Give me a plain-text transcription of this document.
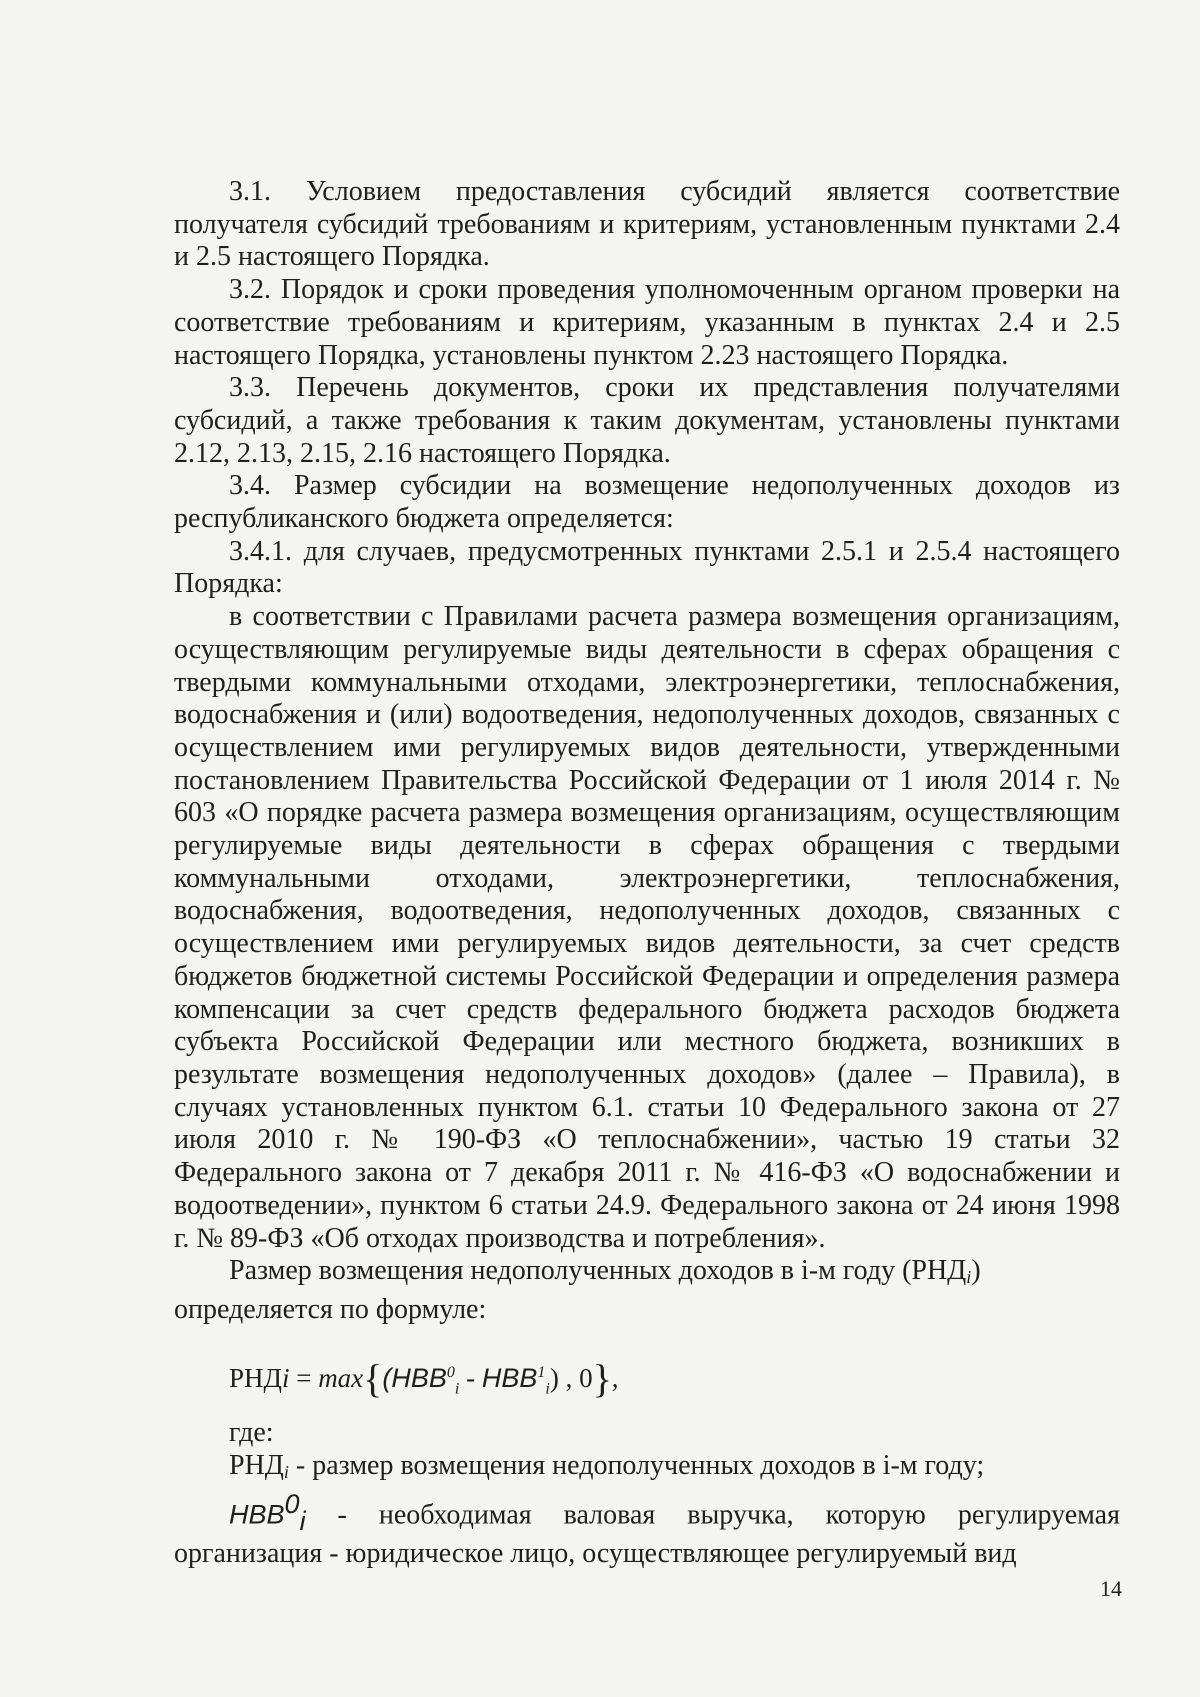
3.1. Условием предоставления субсидий является соответствие получателя субсидий требованиям и критериям, установленным пунктами 2.4 и 2.5 настоящего Порядка.

3.2. Порядок и сроки проведения уполномоченным органом проверки на соответствие требованиям и критериям, указанным в пунктах 2.4 и 2.5 настоящего Порядка, установлены пунктом 2.23 настоящего Порядка.

3.3. Перечень документов, сроки их представления получателями субсидий, а также требования к таким документам, установлены пунктами 2.12, 2.13, 2.15, 2.16 настоящего Порядка.

3.4. Размер субсидии на возмещение недополученных доходов из республиканского бюджета определяется:

3.4.1. для случаев, предусмотренных пунктами 2.5.1 и 2.5.4 настоящего Порядка:

в соответствии с Правилами расчета размера возмещения организациям, осуществляющим регулируемые виды деятельности в сферах обращения с твердыми коммунальными отходами, электроэнергетики, теплоснабжения, водоснабжения и (или) водоотведения, недополученных доходов, связанных с осуществлением ими регулируемых видов деятельности, утвержденными постановлением Правительства Российской Федерации от 1 июля 2014 г. № 603 «О порядке расчета размера возмещения организациям, осуществляющим регулируемые виды деятельности в сферах обращения с твердыми коммунальными отходами, электроэнергетики, теплоснабжения, водоснабжения, водоотведения, недополученных доходов, связанных с осуществлением ими регулируемых видов деятельности, за счет средств бюджетов бюджетной системы Российской Федерации и определения размера компенсации за счет средств федерального бюджета расходов бюджета субъекта Российской Федерации или местного бюджета, возникших в результате возмещения недополученных доходов» (далее – Правила), в случаях установленных пунктом 6.1. статьи 10 Федерального закона от 27 июля 2010 г. № 190-ФЗ «О теплоснабжении», частью 19 статьи 32 Федерального закона от 7 декабря 2011 г. № 416-ФЗ «О водоснабжении и водоотведении», пунктом 6 статьи 24.9. Федерального закона от 24 июня 1998 г. № 89-ФЗ «Об отходах производства и потребления».

Размер возмещения недополученных доходов в i-м году $(РНД_i)$
определяется по формуле:

РНДi = $\max\{(НВВ^0_i - НВВ^1_i)$ , 0},

где:

$РНД_i$ - размер возмещения недополученных доходов в i-м году;

$НВВ^0_i$ - необходимая валовая выручка, которую регулируемая организация - юридическое лицо, осуществляющее регулируемый вид

14
